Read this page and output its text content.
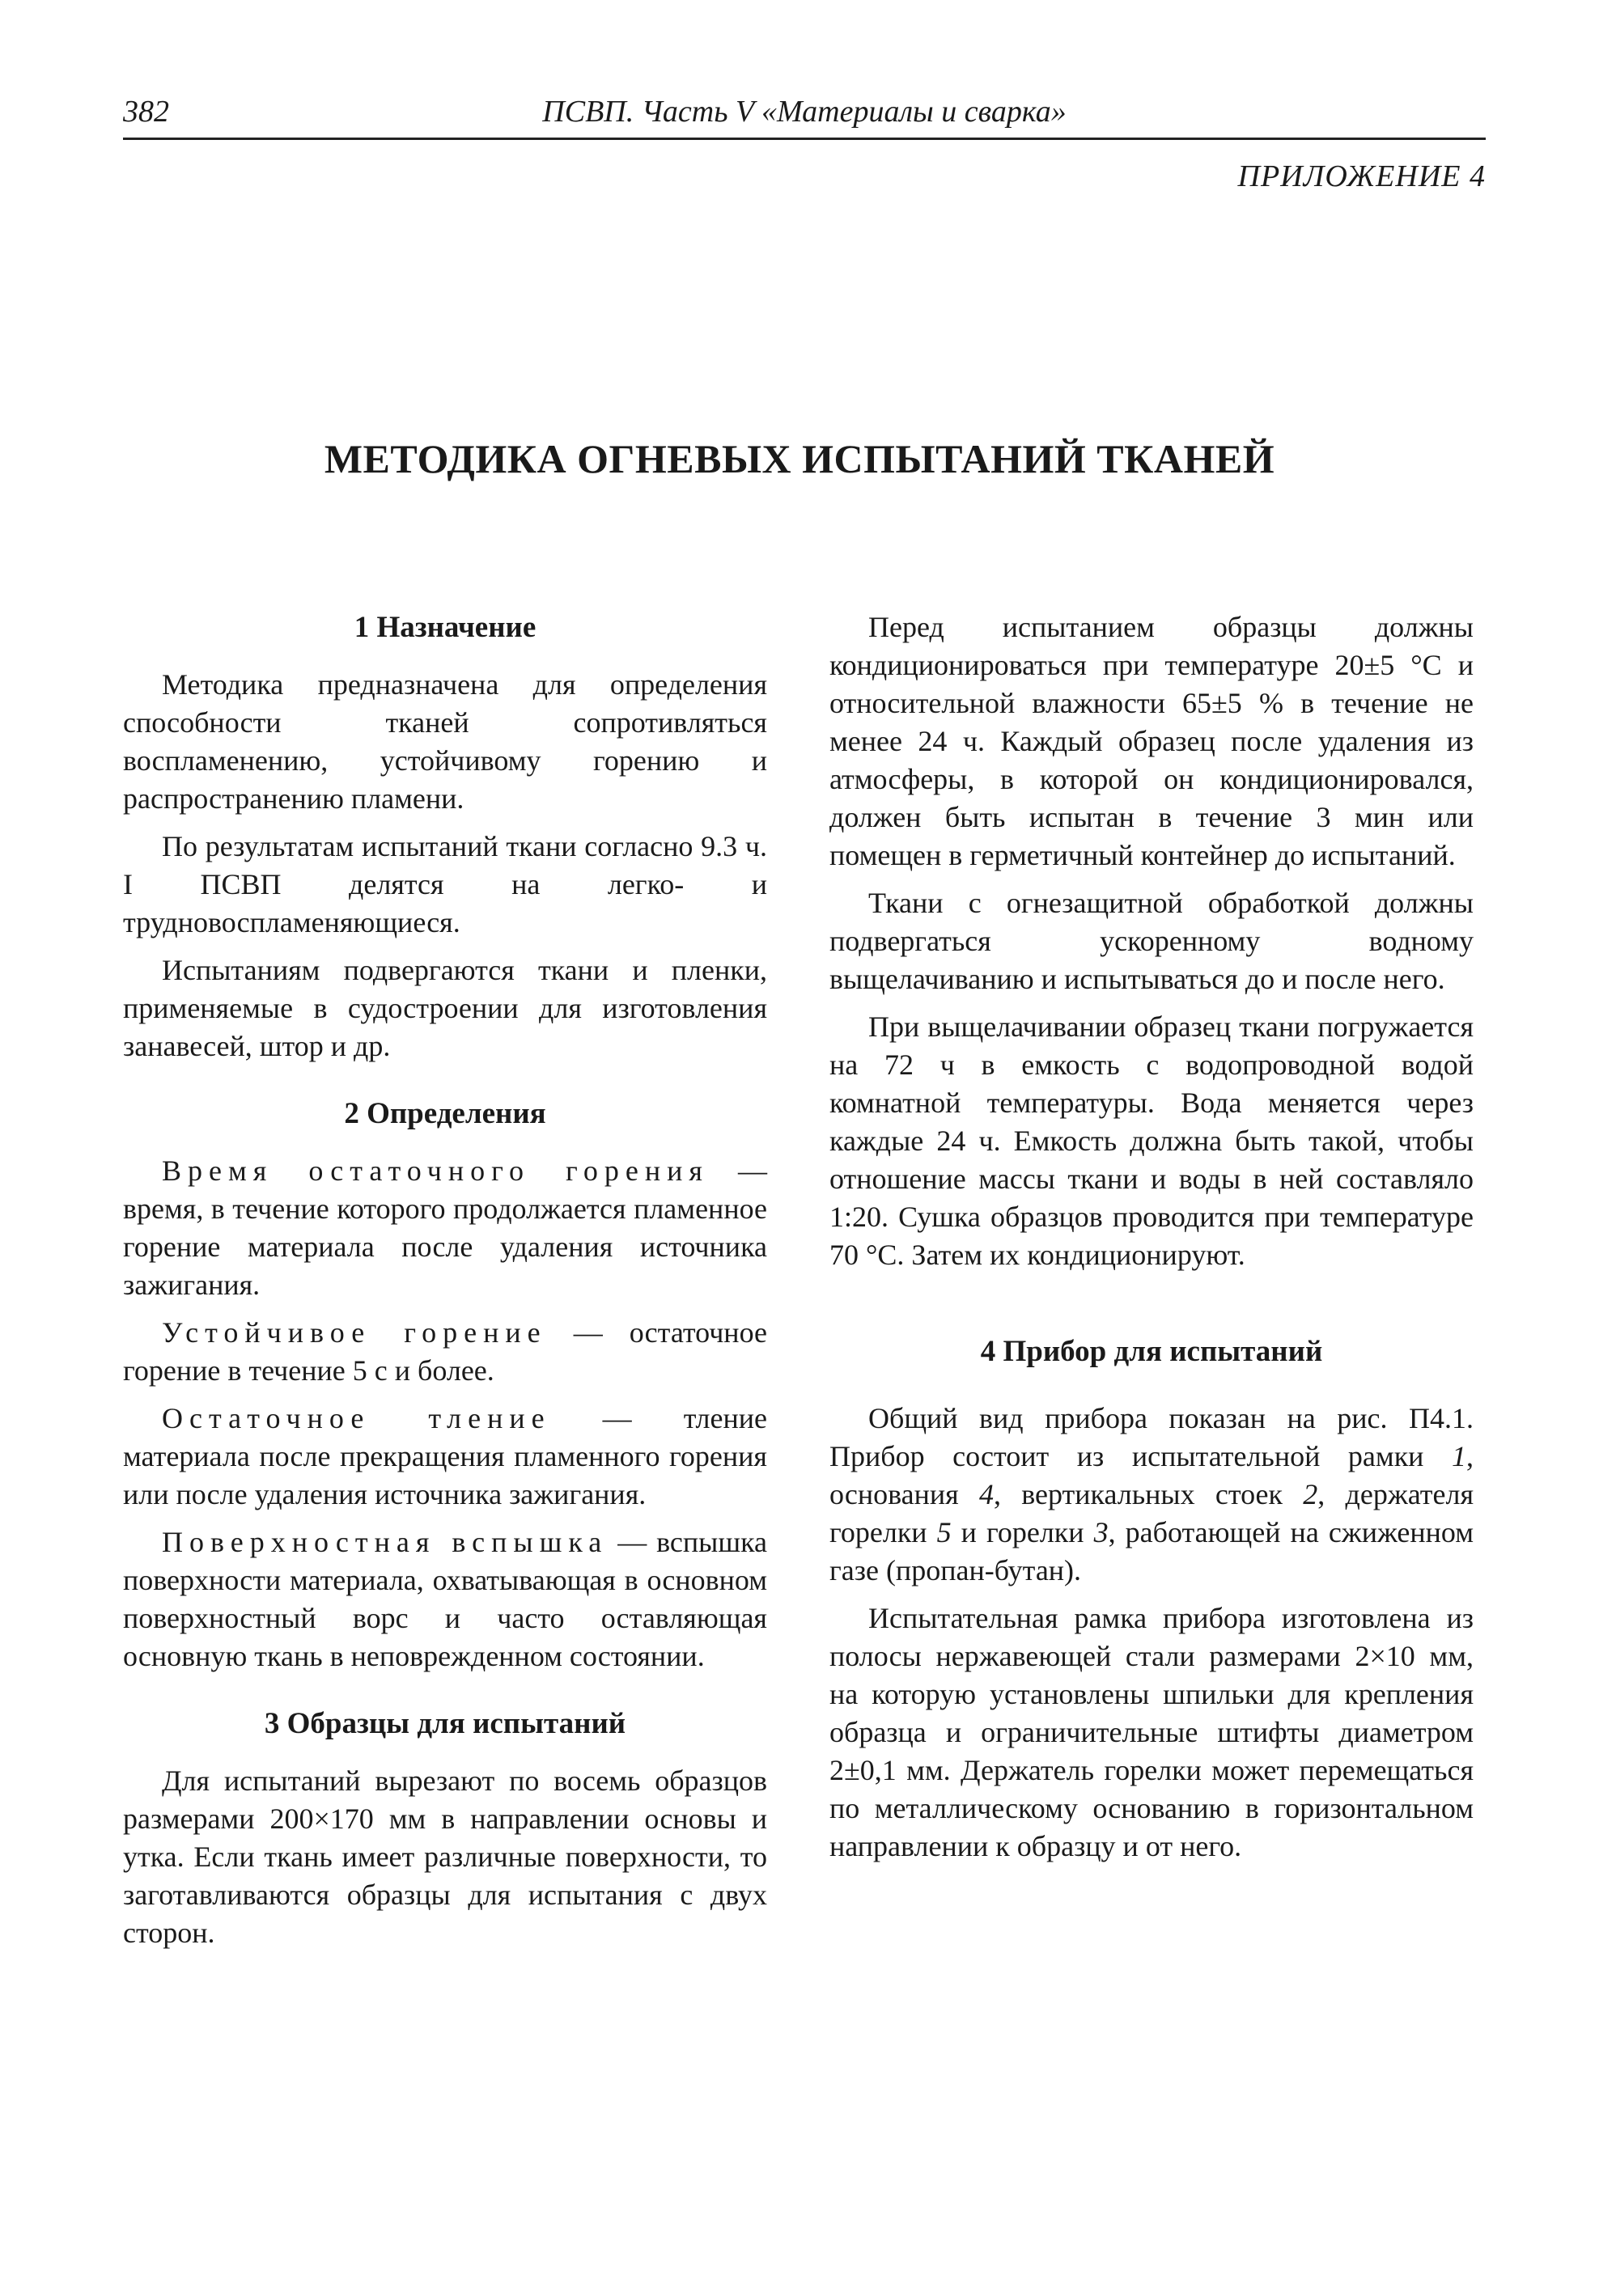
382	ПСВП. Часть V «Материалы и сварка»
ПРИЛОЖЕНИЕ 4
МЕТОДИКА ОГНЕВЫХ ИСПЫТАНИЙ ТКАНЕЙ
1 Назначение

Методика предназначена для определения способности тканей сопротивляться воспламенению, устойчивому горению и распространению пламени.

По результатам испытаний ткани согласно 9.3 ч. I ПСВП делятся на легко- и трудновоспламеняющиеся.

Испытаниям подвергаются ткани и пленки, применяемые в судостроении для изготовления занавесей, штор и др.

2 Определения

Время остаточного горения — время, в течение которого продолжается пламенное горение материала после удаления источника зажигания.

Устойчивое горение — остаточное горение в течение 5 с и более.

Остаточное тление — тление материала после прекращения пламенного горения или после удаления источника зажигания.

Поверхностная вспышка — вспышка поверхности материала, охватывающая в основном поверхностный ворс и часто оставляющая основную ткань в неповрежденном состоянии.

3 Образцы для испытаний

Для испытаний вырезают по восемь образцов размерами 200×170 мм в направлении основы и утка. Если ткань имеет различные поверхности, то заготавливаются образцы для испытания с двух сторон.

Перед испытанием образцы должны кондиционироваться при температуре 20±5 °С и относительной влажности 65±5 % в течение не менее 24 ч. Каждый образец после удаления из атмосферы, в которой он кондиционировался, должен быть испытан в течение 3 мин или помещен в герметичный контейнер до испытаний.

Ткани с огнезащитной обработкой должны подвергаться ускоренному водному выщелачиванию и испытываться до и после него.

При выщелачивании образец ткани погружается на 72 ч в емкость с водопроводной водой комнатной температуры. Вода меняется через каждые 24 ч. Емкость должна быть такой, чтобы отношение массы ткани и воды в ней составляло 1:20. Сушка образцов проводится при температуре 70 °С. Затем их кондиционируют.

4 Прибор для испытаний

Общий вид прибора показан на рис. П4.1. Прибор состоит из испытательной рамки 1, основания 4, вертикальных стоек 2, держателя горелки 5 и горелки 3, работающей на сжиженном газе (пропан-бутан).

Испытательная рамка прибора изготовлена из полосы нержавеющей стали размерами 2×10 мм, на которую установлены шпильки для крепления образца и ограничительные штифты диаметром 2±0,1 мм. Держатель горелки может перемещаться по металлическому основанию в горизонтальном направлении к образцу и от него.
